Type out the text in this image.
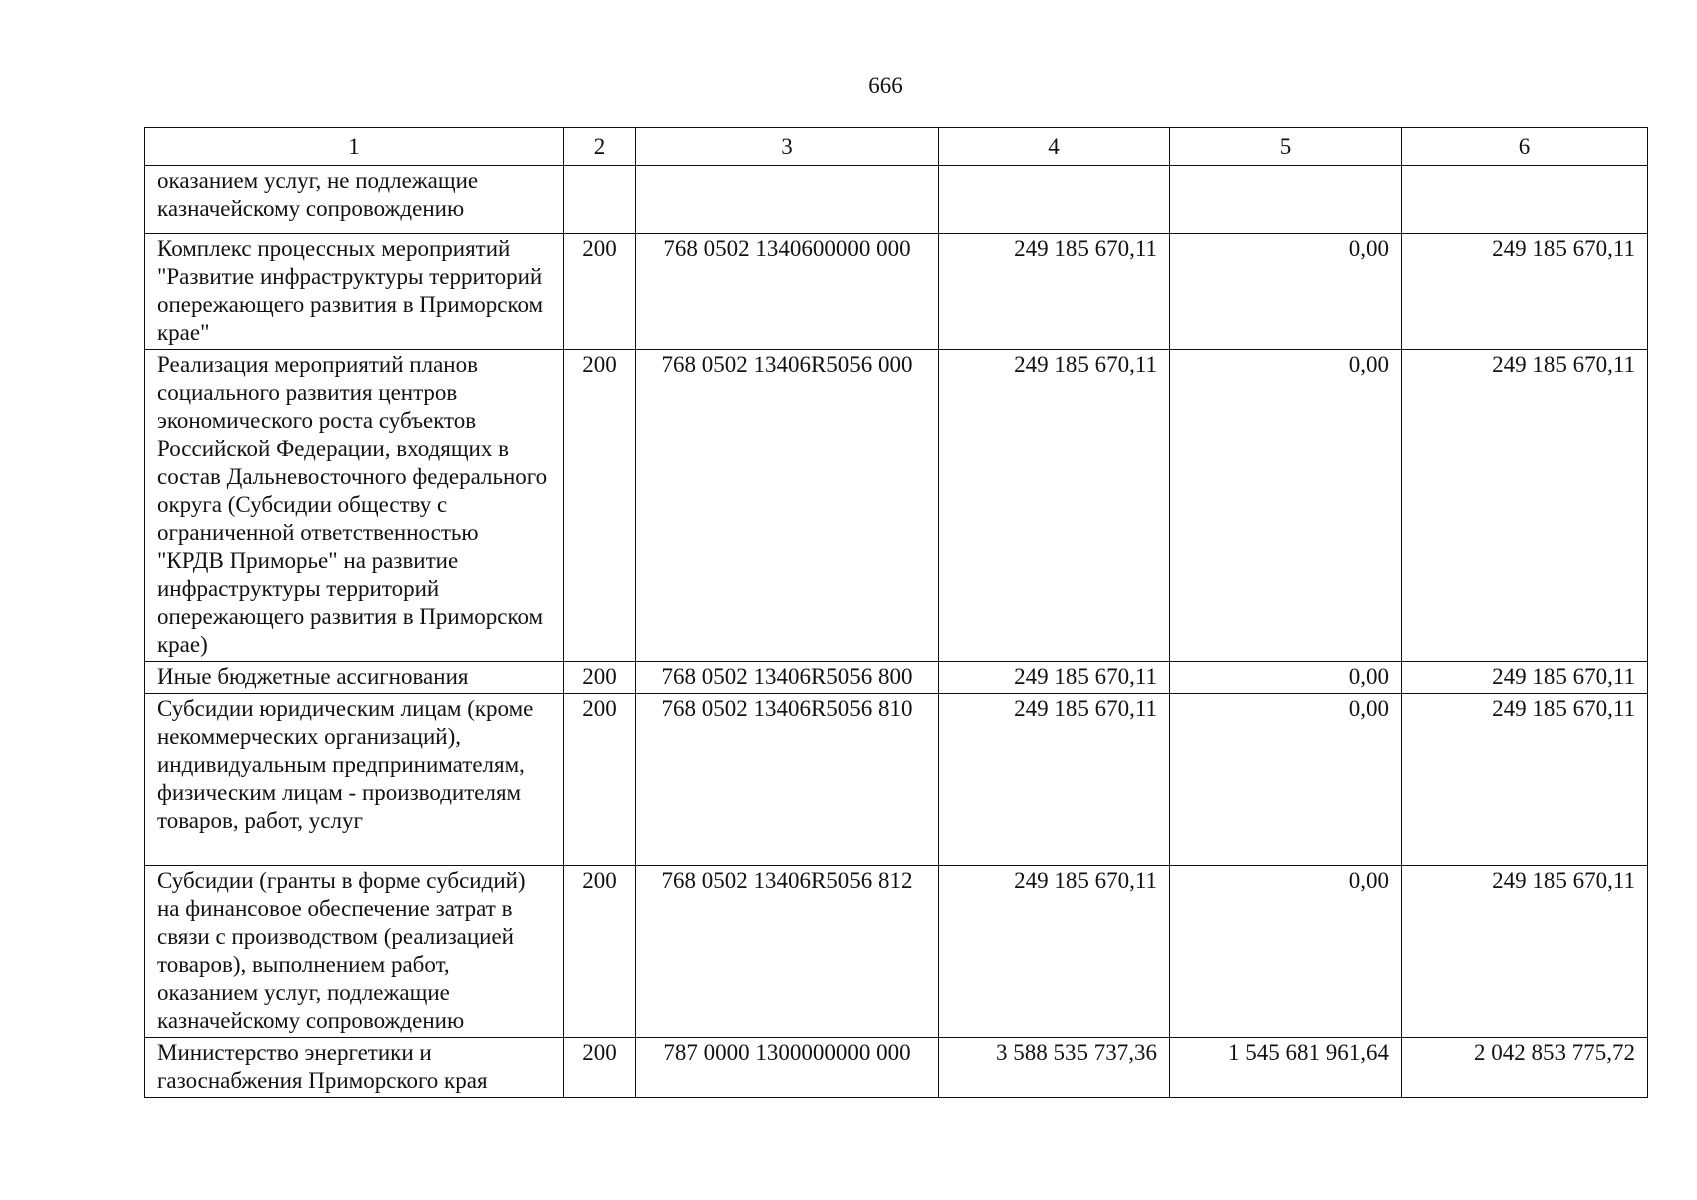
666
1	2	3	4	5	6
оказанием услуг, не подлежащие казначейскому сопровождению					
Комплекс процессных мероприятий "Развитие инфраструктуры территорий опережающего развития в Приморском крае"	200	768 0502 1340600000 000	249 185 670,11	0,00	249 185 670,11
Реализация мероприятий планов социального развития центров экономического роста субъектов Российской Федерации, входящих в состав Дальневосточного федерального округа (Субсидии обществу с ограниченной ответственностью "КРДВ Приморье" на развитие инфраструктуры территорий опережающего развития в Приморском крае)	200	768 0502 13406R5056 000	249 185 670,11	0,00	249 185 670,11
Иные бюджетные ассигнования	200	768 0502 13406R5056 800	249 185 670,11	0,00	249 185 670,11
Субсидии юридическим лицам (кроме некоммерческих организаций), индивидуальным предпринимателям, физическим лицам - производителям товаров, работ, услуг	200	768 0502 13406R5056 810	249 185 670,11	0,00	249 185 670,11
Субсидии (гранты в форме субсидий) на финансовое обеспечение затрат в связи с производством (реализацией товаров), выполнением работ, оказанием услуг, подлежащие казначейскому сопровождению	200	768 0502 13406R5056 812	249 185 670,11	0,00	249 185 670,11
Министерство энергетики и газоснабжения Приморского края	200	787 0000 1300000000 000	3 588 535 737,36	1 545 681 961,64	2 042 853 775,72
